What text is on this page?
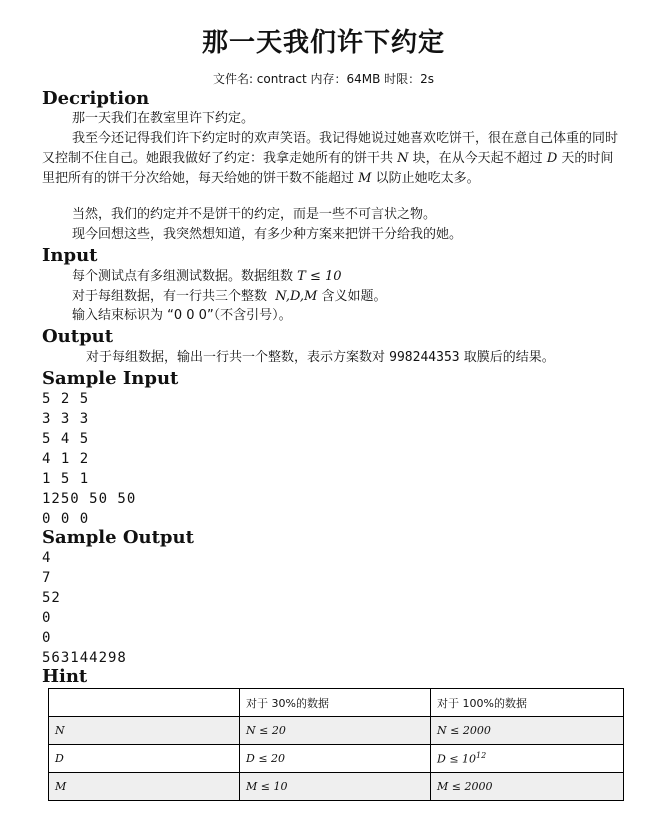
那一天我们许下约定
文件名: contract 内存：64MB 时限：2s
Decription
那一天我们在教室里许下约定。
我至今还记得我们许下约定时的欢声笑语。我记得她说过她喜欢吃饼干，很在意自己体重的同时又控制不住自己。她跟我做好了约定：我拿走她所有的饼干共 N 块，在从今天起不超过 D 天的时间里把所有的饼干分次给她，每天给她的饼干数不能超过 M 以防止她吃太多。
当然，我们的约定并不是饼干的约定，而是一些不可言状之物。
现今回想这些，我突然想知道，有多少种方案来把饼干分给我的她。
Input
每个测试点有多组测试数据。数据组数 T ≤ 10
对于每组数据，有一行共三个整数 N,D,M 含义如题。
输入结束标识为 “0 0 0”（不含引号）。
Output
对于每组数据，输出一行共一个整数，表示方案数对 998244353 取膜后的结果。
Sample Input
5 2 5
3 3 3
5 4 5
4 1 2
1 5 1
1250 50 50
0 0 0
Sample Output
4
7
52
0
0
563144298
Hint
	对于 30%的数据	对于 100%的数据
N	N ≤ 20	N ≤ 2000
D	D ≤ 20	$D \le 10^{12}$
M	M ≤ 10	M ≤ 2000
